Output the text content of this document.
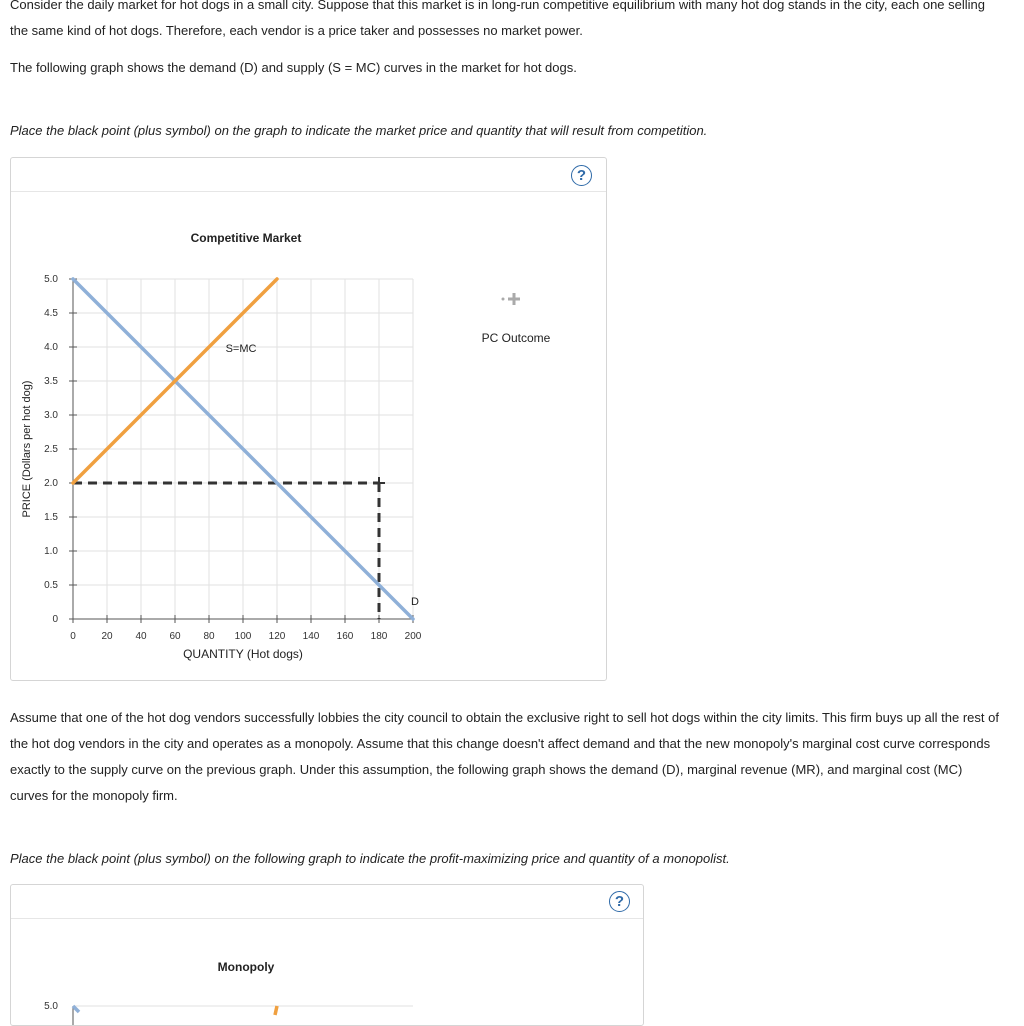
Consider the daily market for hot dogs in a small city. Suppose that this market is in long-run competitive equilibrium with many hot dog stands in the city, each one selling the same kind of hot dogs. Therefore, each vendor is a price taker and possesses no market power.

The following graph shows the demand (D) and supply (S = MC) curves in the market for hot dogs.

Place the black point (plus symbol) on the graph to indicate the market price and quantity that will result from competition.

?
0	20 40 60 80 100 120 140 160 180 200
0
0.5
1.0
1.5
2.0
2.5
3.0
3.5
4.0
4.5
5.0
Competitive Market
QUANTITY (Hot dogs)
PRICE (Dollars per hot dog)
D
S=MC
PC Outcome

Assume that one of the hot dog vendors successfully lobbies the city council to obtain the exclusive right to sell hot dogs within the city limits. This firm buys up all the rest of the hot dog vendors in the city and operates as a monopoly. Assume that this change doesn't affect demand and that the new monopoly's marginal cost curve corresponds exactly to the supply curve on the previous graph. Under this assumption, the following graph shows the demand (D), marginal revenue (MR), and marginal cost (MC) curves for the monopoly firm.

Place the black point (plus symbol) on the following graph to indicate the profit-maximizing price and quantity of a monopolist.

?
Monopoly
5.0
